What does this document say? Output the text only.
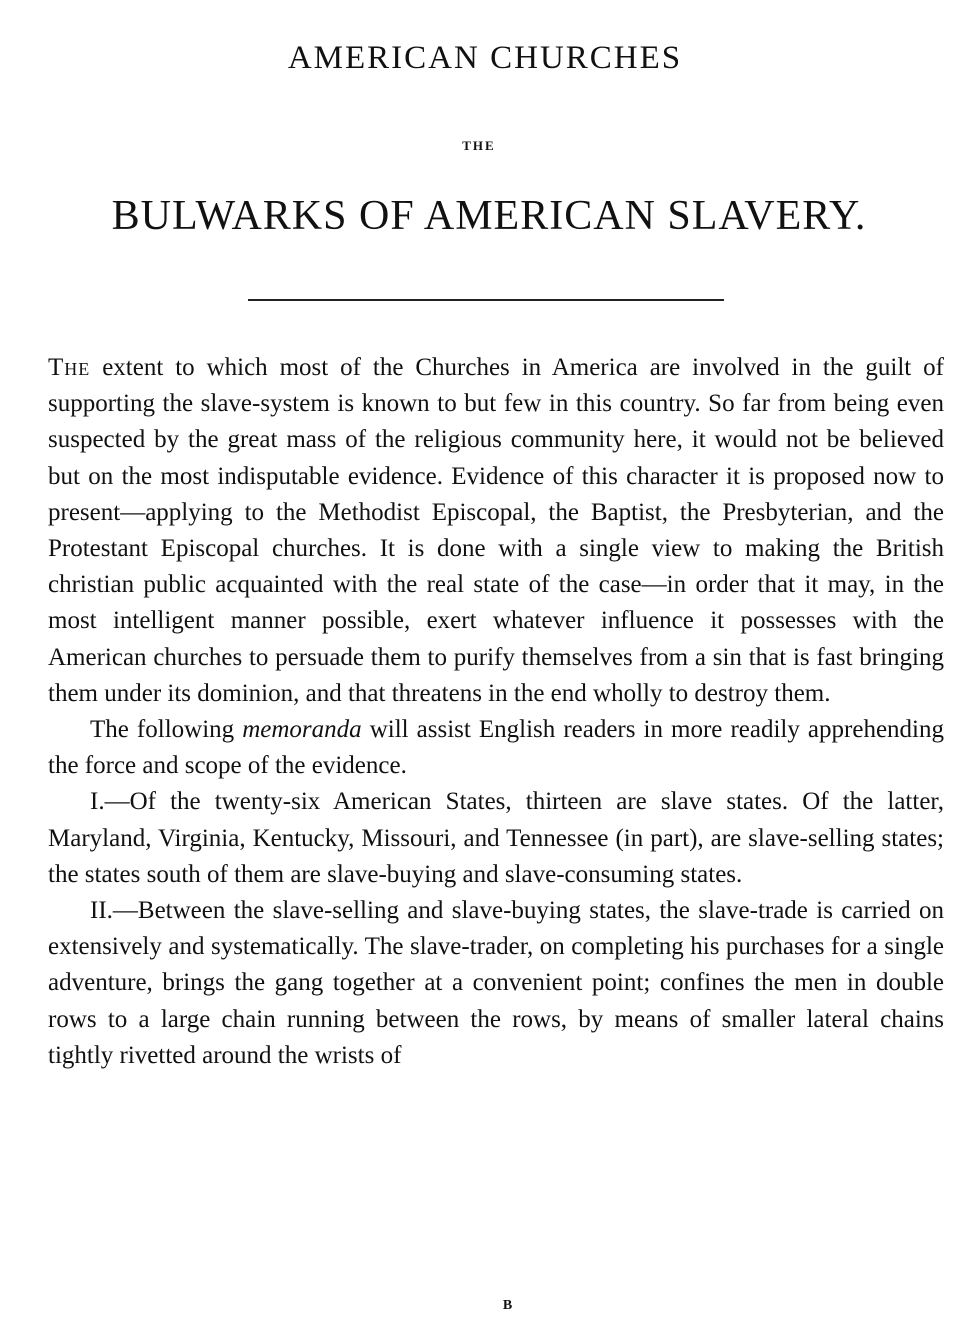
AMERICAN CHURCHES
THE
BULWARKS OF AMERICAN SLAVERY.

The extent to which most of the Churches in America are involved in the guilt of supporting the slave-system is known to but few in this country. So far from being even suspected by the great mass of the religious community here, it would not be believed but on the most indisputable evidence. Evidence of this character it is proposed now to present—applying to the Methodist Episcopal, the Baptist, the Presbyterian, and the Protestant Episcopal churches. It is done with a single view to making the British christian public acquainted with the real state of the case—in order that it may, in the most intelligent manner possible, exert whatever influence it possesses with the American churches to persuade them to purify themselves from a sin that is fast bringing them under its dominion, and that threatens in the end wholly to destroy them.

The following memoranda will assist English readers in more readily apprehending the force and scope of the evidence.

I.—Of the twenty-six American States, thirteen are slave states. Of the latter, Maryland, Virginia, Kentucky, Missouri, and Tennessee (in part), are slave-selling states; the states south of them are slave-buying and slave-consuming states.

II.—Between the slave-selling and slave-buying states, the slave-trade is carried on extensively and systematically. The slave-trader, on completing his purchases for a single adventure, brings the gang together at a convenient point; confines the men in double rows to a large chain running between the rows, by means of smaller lateral chains tightly rivetted around the wrists of

B
